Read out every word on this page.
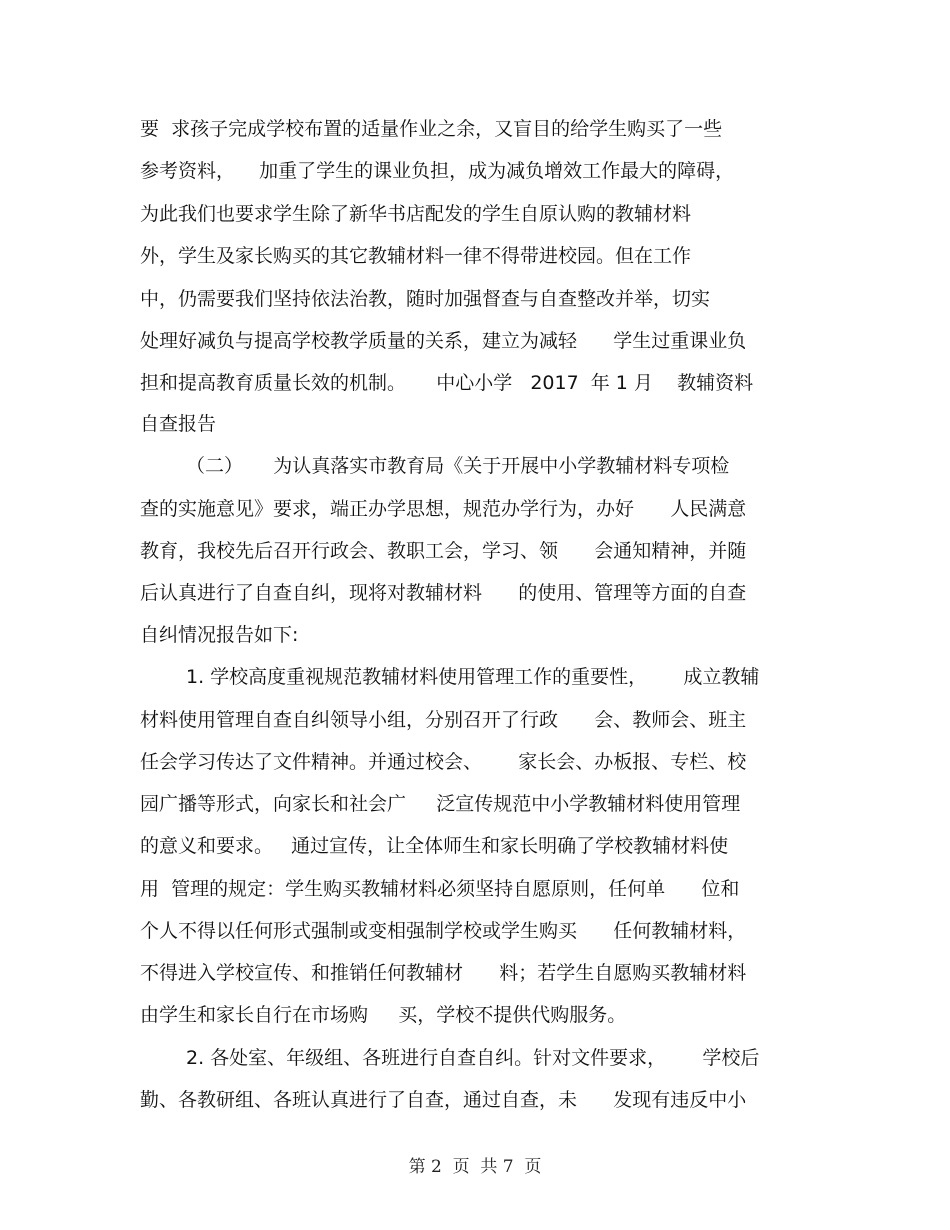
要  求孩子完成学校布置的适量作业之余，又盲目的给学生购买了一些
参考资料，    加重了学生的课业负担，成为减负增效工作最大的障碍，
为此我们也要求学生除了新华书店配发的学生自原认购的教辅材料
外，学生及家长购买的其它教辅材料一律不得带进校园。但在工作
中，仍需要我们坚持依法治教，随时加强督查与自查整改并举，切实
处理好减负与提高学校教学质量的关系，建立为减轻      学生过重课业负
担和提高教育质量长效的机制。     中心小学   2017  年 1 月    教辅资料
自查报告
（二）     为认真落实市教育局《关于开展中小学教辅材料专项检
查的实施意见》要求，端正办学思想，规范办学行为，办好      人民满意
教育，我校先后召开行政会、教职工会，学习、领      会通知精神，并随
后认真进行了自查自纠，现将对教辅材料      的使用、管理等方面的自查
自纠情况报告如下:
1. 学校高度重视规范教辅材料使用管理工作的重要性，      成立教辅
材料使用管理自查自纠领导小组，分别召开了行政      会、教师会、班主
任会学习传达了文件精神。并通过校会、      家长会、办板报、专栏、校
园广播等形式，向家长和社会广     泛宣传规范中小学教辅材料使用管理
的意义和要求。   通过宣传，让全体师生和家长明确了学校教辅材料使
用  管理的规定：学生购买教辅材料必须坚持自愿原则，任何单      位和
个人不得以任何形式强制或变相强制学校或学生购买      任何教辅材料，
不得进入学校宣传、和推销任何教辅材      料；若学生自愿购买教辅材料
由学生和家长自行在市场购     买，学校不提供代购服务。
2. 各处室、年级组、各班进行自查自纠。针对文件要求，      学校后
勤、各教研组、各班认真进行了自查，通过自查，未      发现有违反中小
第 2  页  共 7  页
